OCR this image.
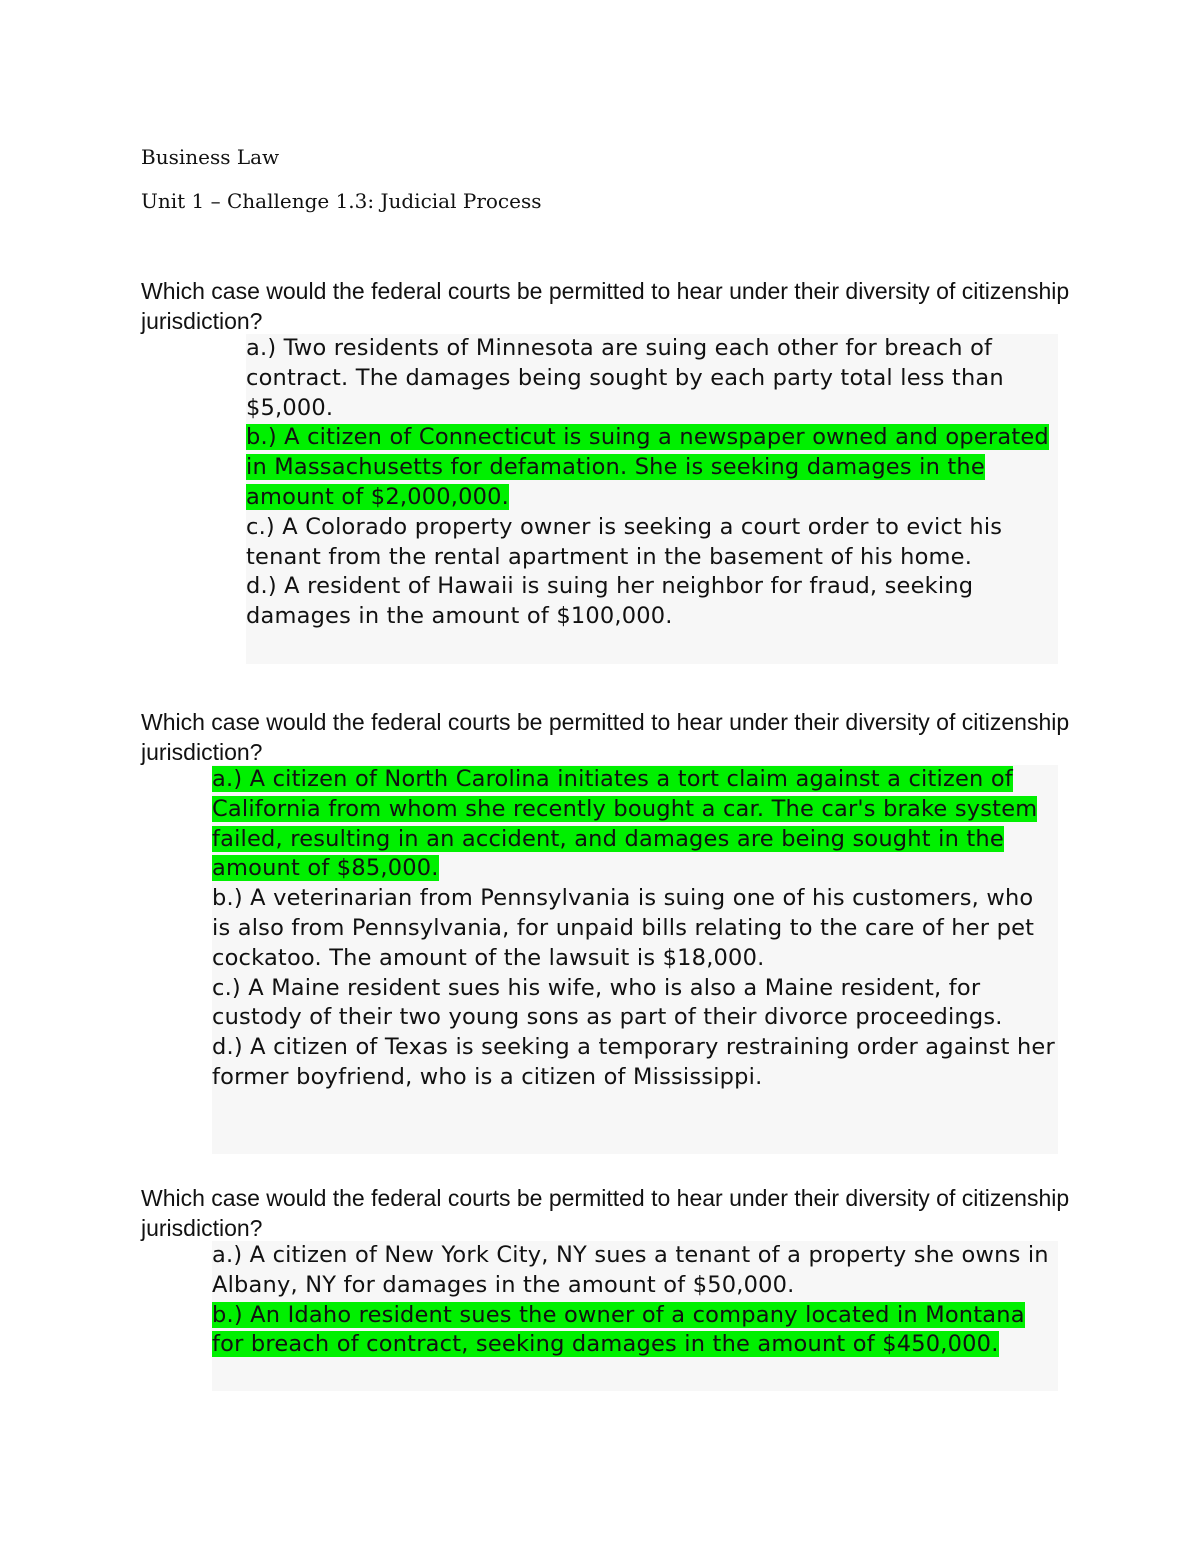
Business Law
Unit 1 – Challenge 1.3: Judicial Process
Which case would the federal courts be permitted to hear under their diversity of citizenship jurisdiction?

a.) Two residents of Minnesota are suing each other for breach of contract. The damages being sought by each party total less than $5,000.

b.) A citizen of Connecticut is suing a newspaper owned and operated in Massachusetts for defamation. She is seeking damages in the amount of $2,000,000.

c.) A Colorado property owner is seeking a court order to evict his tenant from the rental apartment in the basement of his home.

d.) A resident of Hawaii is suing her neighbor for fraud, seeking damages in the amount of $100,000.

Which case would the federal courts be permitted to hear under their diversity of citizenship jurisdiction?

a.) A citizen of North Carolina initiates a tort claim against a citizen of California from whom she recently bought a car. The car's brake system failed, resulting in an accident, and damages are being sought in the amount of $85,000.

b.) A veterinarian from Pennsylvania is suing one of his customers, who is also from Pennsylvania, for unpaid bills relating to the care of her pet cockatoo. The amount of the lawsuit is $18,000.

c.) A Maine resident sues his wife, who is also a Maine resident, for custody of their two young sons as part of their divorce proceedings.

d.) A citizen of Texas is seeking a temporary restraining order against her former boyfriend, who is a citizen of Mississippi.

Which case would the federal courts be permitted to hear under their diversity of citizenship jurisdiction?

a.) A citizen of New York City, NY sues a tenant of a property she owns in Albany, NY for damages in the amount of $50,000.

b.) An Idaho resident sues the owner of a company located in Montana for breach of contract, seeking damages in the amount of $450,000.
